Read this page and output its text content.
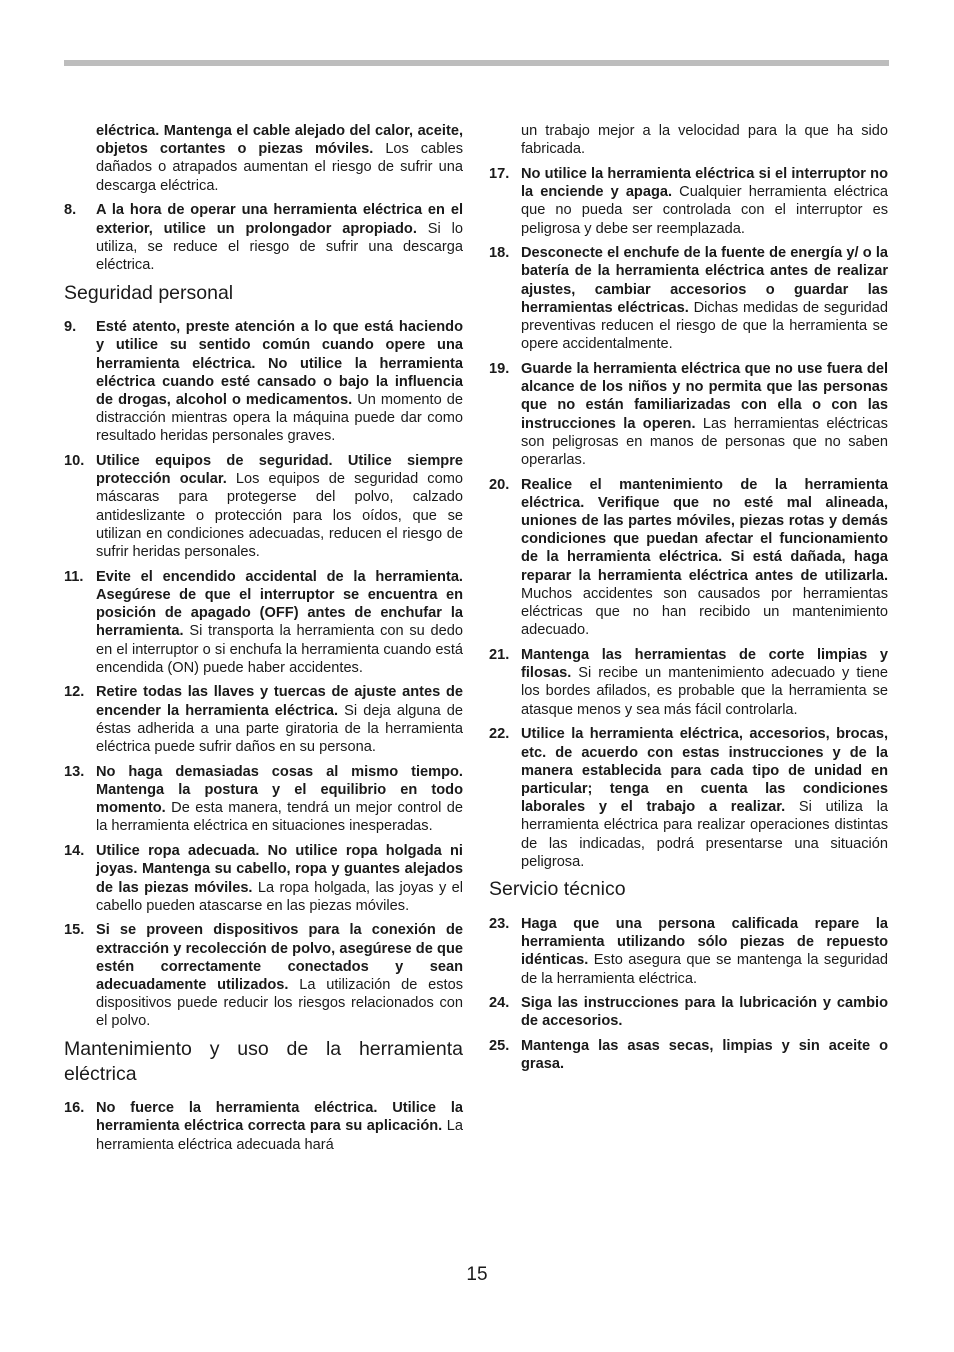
eléctrica. Mantenga el cable alejado del calor, aceite, objetos cortantes o piezas móviles. Los cables dañados o atrapados aumentan el riesgo de sufrir una descarga eléctrica.

8. A la hora de operar una herramienta eléctrica en el exterior, utilice un prolongador apropiado. Si lo utiliza, se reduce el riesgo de sufrir una descarga eléctrica.
Seguridad personal
9. Esté atento, preste atención a lo que está haciendo y utilice su sentido común cuando opere una herramienta eléctrica. No utilice la herramienta eléctrica cuando esté cansado o bajo la influencia de drogas, alcohol o medicamentos. Un momento de distracción mientras opera la máquina puede dar como resultado heridas personales graves.
10. Utilice equipos de seguridad. Utilice siempre protección ocular. Los equipos de seguridad como máscaras para protegerse del polvo, calzado antideslizante o protección para los oídos, que se utilizan en condiciones adecuadas, reducen el riesgo de sufrir heridas personales.
11. Evite el encendido accidental de la herramienta. Asegúrese de que el interruptor se encuentra en posición de apagado (OFF) antes de enchufar la herramienta. Si transporta la herramienta con su dedo en el interruptor o si enchufa la herramienta cuando está encendida (ON) puede haber accidentes.
12. Retire todas las llaves y tuercas de ajuste antes de encender la herramienta eléctrica. Si deja alguna de éstas adherida a una parte giratoria de la herramienta eléctrica puede sufrir daños en su persona.
13. No haga demasiadas cosas al mismo tiempo. Mantenga la postura y el equilibrio en todo momento. De esta manera, tendrá un mejor control de la herramienta eléctrica en situaciones inesperadas.
14. Utilice ropa adecuada. No utilice ropa holgada ni joyas. Mantenga su cabello, ropa y guantes alejados de las piezas móviles. La ropa holgada, las joyas y el cabello pueden atascarse en las piezas móviles.
15. Si se proveen dispositivos para la conexión de extracción y recolección de polvo, asegúrese de que estén correctamente conectados y sean adecuadamente utilizados. La utilización de estos dispositivos puede reducir los riesgos relacionados con el polvo.
Mantenimiento y uso de la herramienta eléctrica
16. No fuerce la herramienta eléctrica. Utilice la herramienta eléctrica correcta para su aplicación. La herramienta eléctrica adecuada hará

un trabajo mejor a la velocidad para la que ha sido fabricada.

17. No utilice la herramienta eléctrica si el interruptor no la enciende y apaga. Cualquier herramienta eléctrica que no pueda ser controlada con el interruptor es peligrosa y debe ser reemplazada.
18. Desconecte el enchufe de la fuente de energía y/ o la batería de la herramienta eléctrica antes de realizar ajustes, cambiar accesorios o guardar las herramientas eléctricas. Dichas medidas de seguridad preventivas reducen el riesgo de que la herramienta se opere accidentalmente.
19. Guarde la herramienta eléctrica que no use fuera del alcance de los niños y no permita que las personas que no están familiarizadas con ella o con las instrucciones la operen. Las herramientas eléctricas son peligrosas en manos de personas que no saben operarlas.
20. Realice el mantenimiento de la herramienta eléctrica. Verifique que no esté mal alineada, uniones de las partes móviles, piezas rotas y demás condiciones que puedan afectar el funcionamiento de la herramienta eléctrica. Si está dañada, haga reparar la herramienta eléctrica antes de utilizarla. Muchos accidentes son causados por herramientas eléctricas que no han recibido un mantenimiento adecuado.
21. Mantenga las herramientas de corte limpias y filosas. Si recibe un mantenimiento adecuado y tiene los bordes afilados, es probable que la herramienta se atasque menos y sea más fácil controlarla.
22. Utilice la herramienta eléctrica, accesorios, brocas, etc. de acuerdo con estas instrucciones y de la manera establecida para cada tipo de unidad en particular; tenga en cuenta las condiciones laborales y el trabajo a realizar. Si utiliza la herramienta eléctrica para realizar operaciones distintas de las indicadas, podrá presentarse una situación peligrosa.
Servicio técnico
23. Haga que una persona calificada repare la herramienta utilizando sólo piezas de repuesto idénticas. Esto asegura que se mantenga la seguridad de la herramienta eléctrica.
24. Siga las instrucciones para la lubricación y cambio de accesorios.
25. Mantenga las asas secas, limpias y sin aceite o grasa.
15
